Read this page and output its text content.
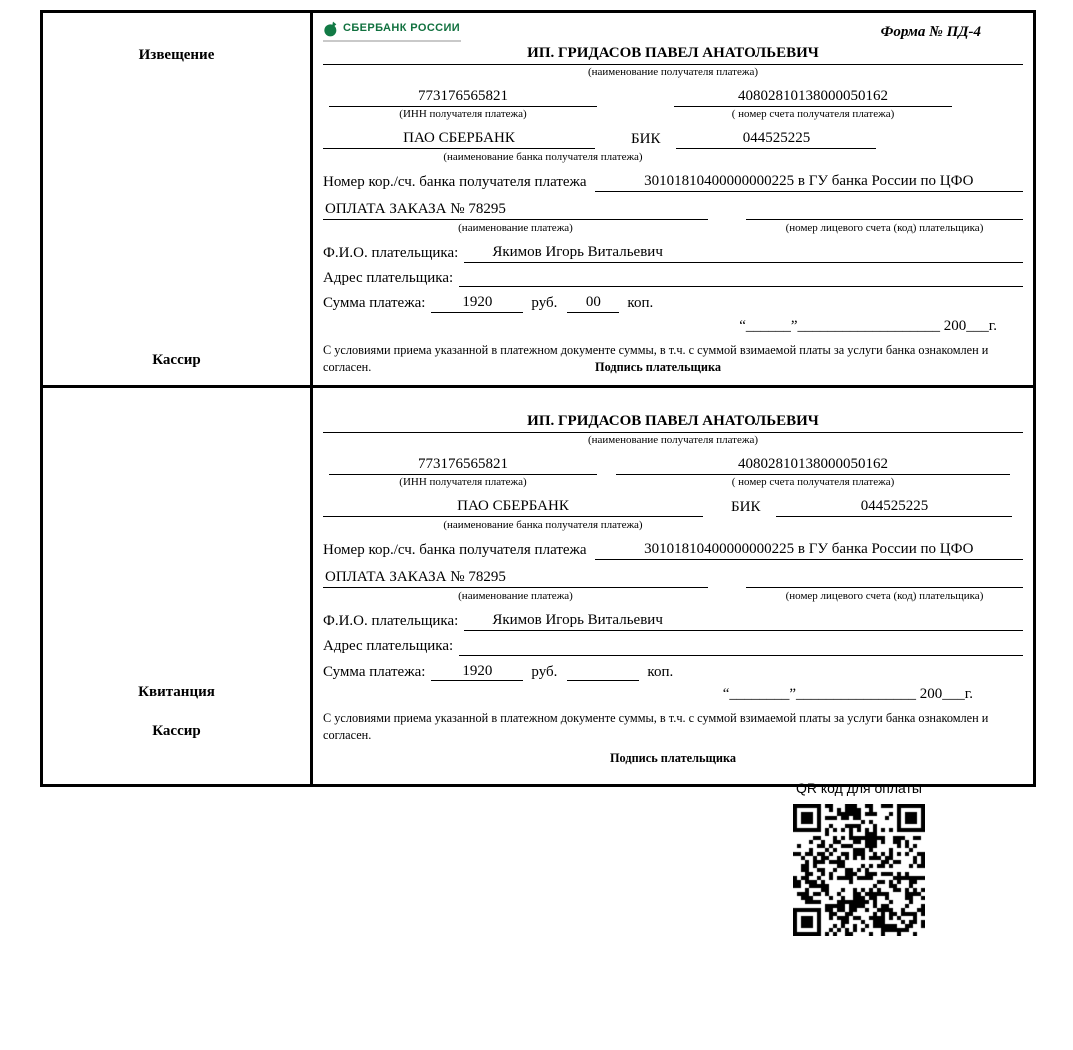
Извещение
Кассир
СБЕРБАНК РОССИИ	Форма № ПД-4
ИП. ГРИДАСОВ ПАВЕЛ АНАТОЛЬЕВИЧ
(наименование получателя платежа)
773176565821
(ИНН получателя платежа)
40802810138000050162
( номер счета получателя платежа)
ПАО СБЕРБАНК	БИК	044525225
(наименование банка получателя платежа)
Номер кор./сч. банка получателя платежа	30101810400000000225 в ГУ банка России по ЦФО
ОПЛАТА ЗАКАЗА № 78295
(наименование платежа)	(номер лицевого счета (код) плательщика)
Ф.И.О. плательщика:	Якимов Игорь Витальевич
Адрес плательщика:
Сумма платежа:	1920	руб.	00	коп.
“______”___________________ 200___г.
С условиями приема указанной в платежном документе суммы, в т.ч. с суммой взимаемой платы за услуги банка ознакомлен и согласен.	Подпись плательщика
Квитанция
Кассир
ИП. ГРИДАСОВ ПАВЕЛ АНАТОЛЬЕВИЧ
(наименование получателя платежа)
773176565821
(ИНН получателя платежа)
40802810138000050162
( номер счета получателя платежа)
ПАО СБЕРБАНК	БИК	044525225
(наименование банка получателя платежа)
Номер кор./сч. банка получателя платежа	30101810400000000225 в ГУ банка России по ЦФО
ОПЛАТА ЗАКАЗА № 78295
(наименование платежа)	(номер лицевого счета (код) плательщика)
Ф.И.О. плательщика:	Якимов Игорь Витальевич
Адрес плательщика:
Сумма платежа:	1920	руб.	коп.
“________”________________ 200___г.
С условиями приема указанной в платежном документе суммы, в т.ч. с суммой взимаемой платы за услуги банка ознакомлен и согласен.
Подпись плательщика
QR код для оплаты
